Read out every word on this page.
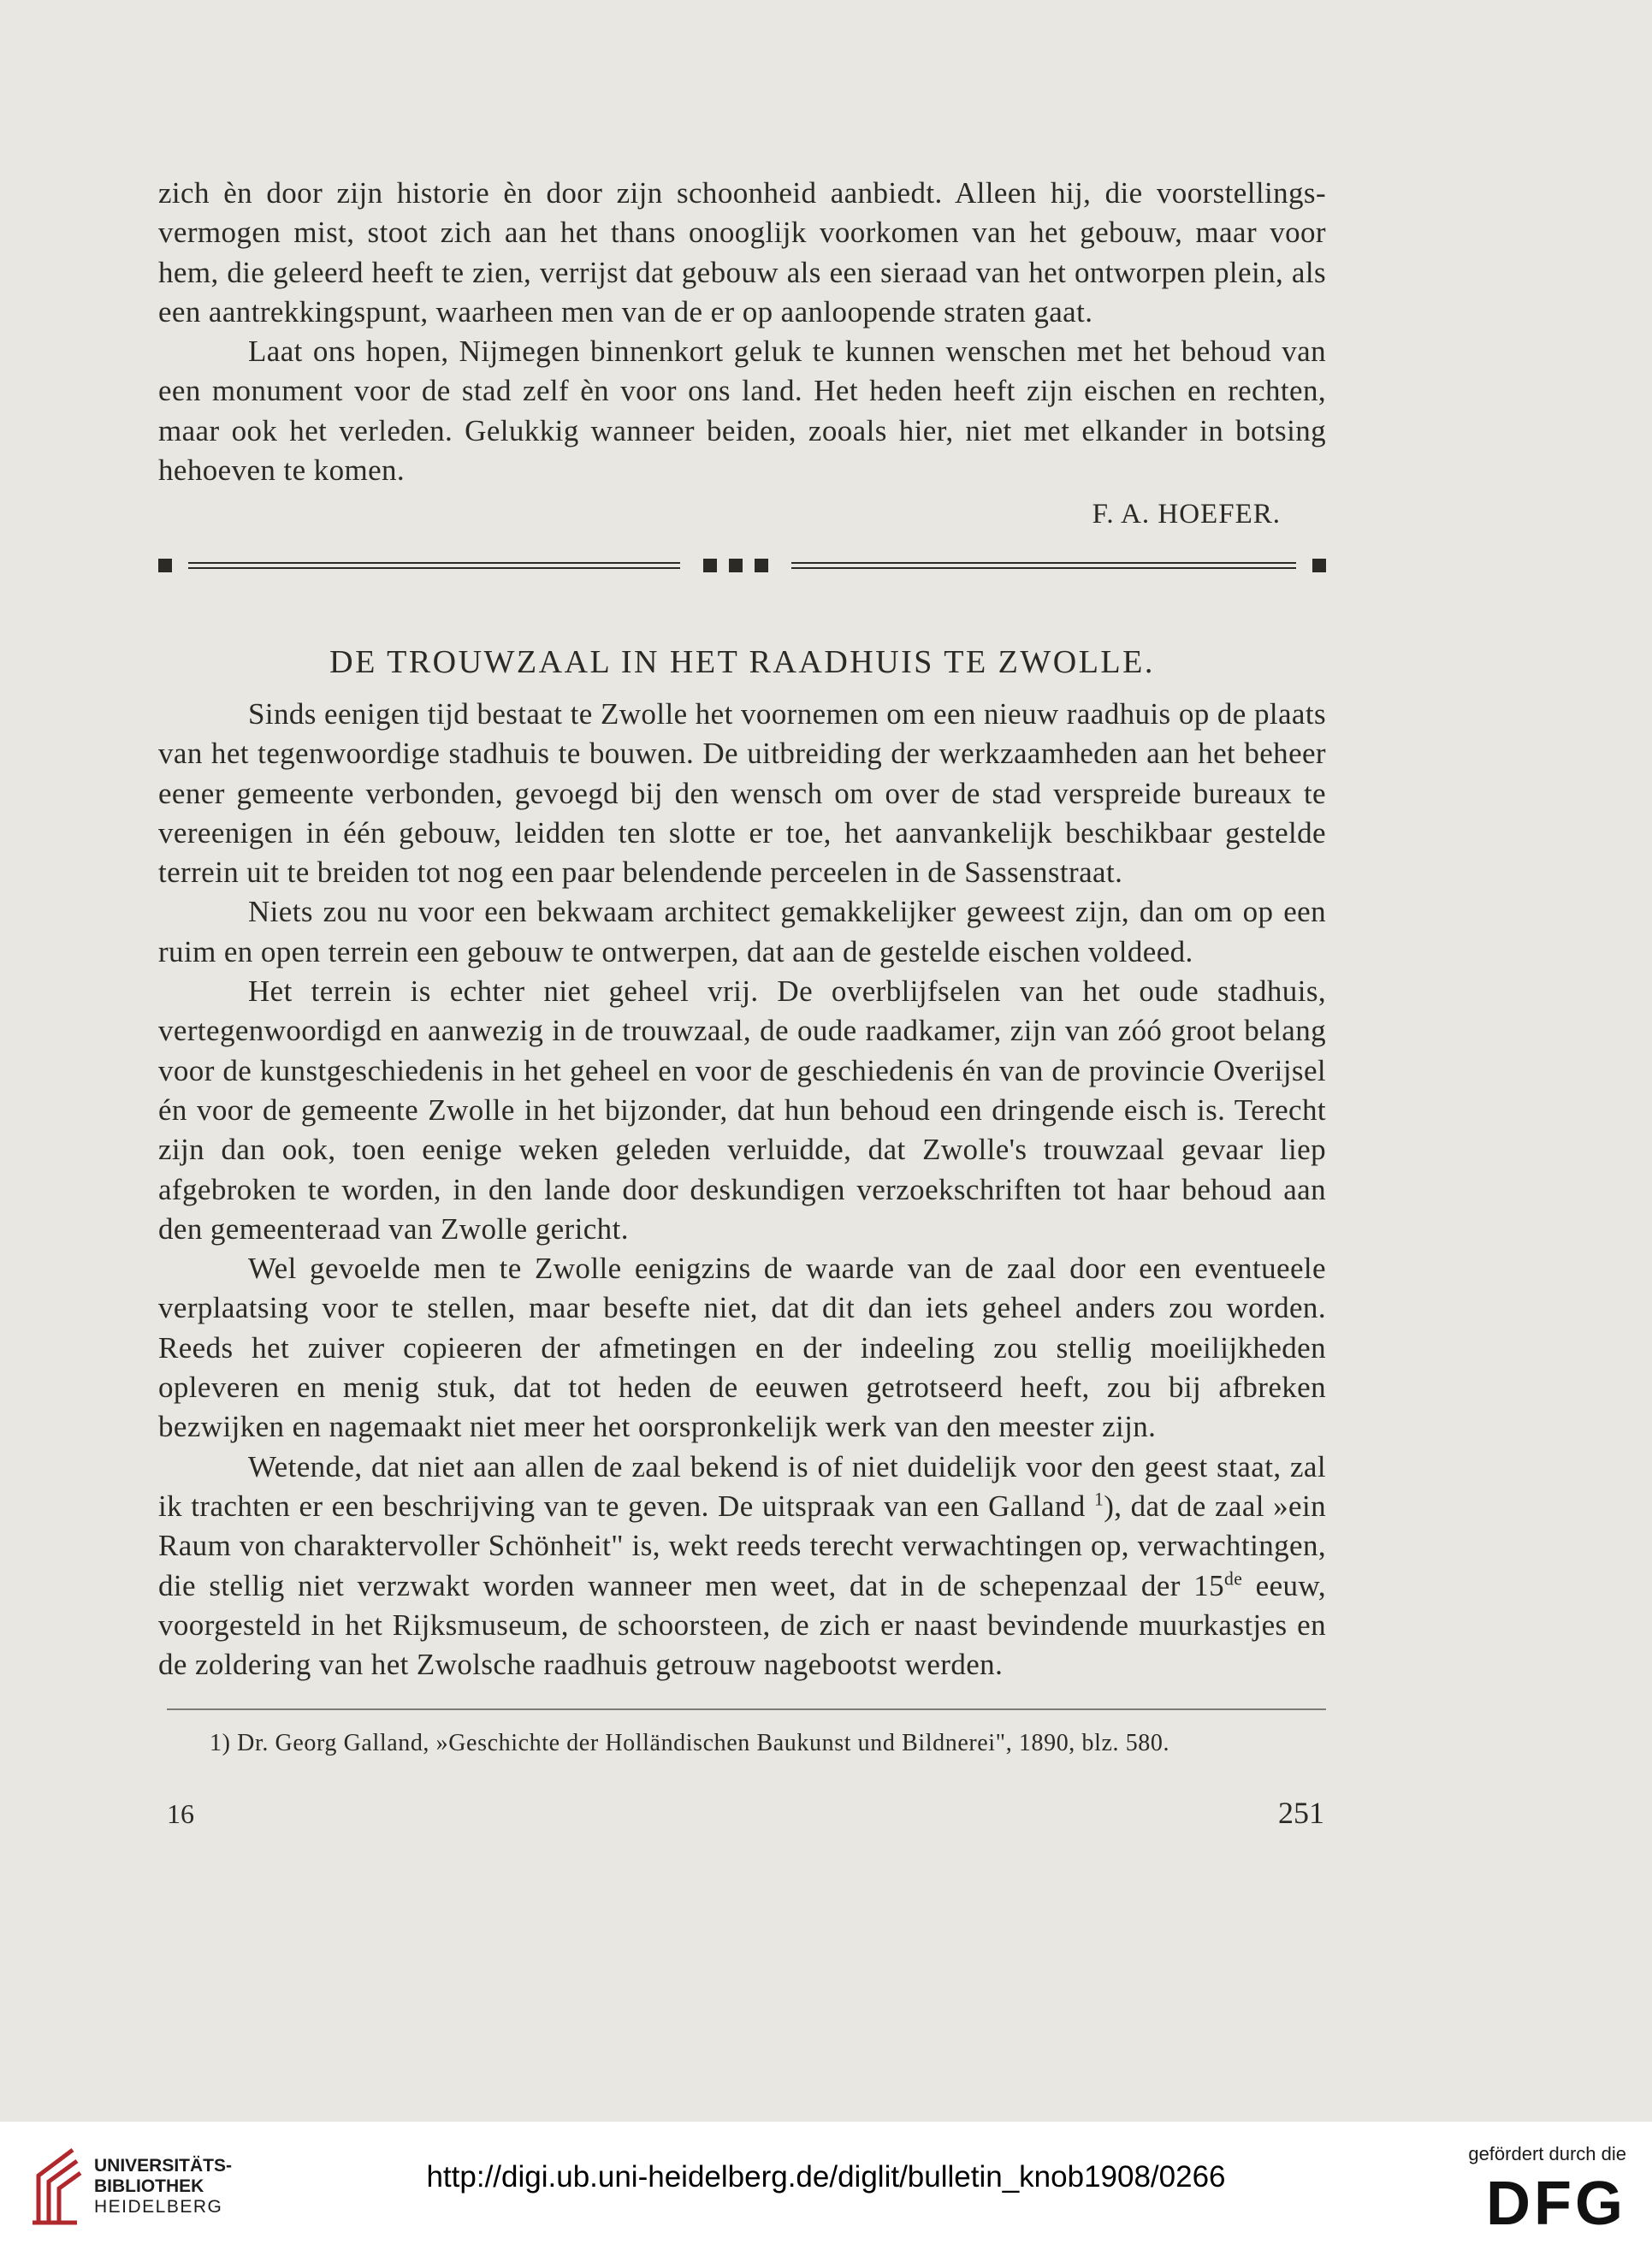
zich èn door zijn historie èn door zijn schoonheid aanbiedt. Alleen hij, die voorstellings-vermogen mist, stoot zich aan het thans onooglijk voorkomen van het gebouw, maar voor hem, die geleerd heeft te zien, verrijst dat gebouw als een sieraad van het ontworpen plein, als een aantrekkingspunt, waarheen men van de er op aanloopende straten gaat.

Laat ons hopen, Nijmegen binnenkort geluk te kunnen wenschen met het behoud van een monument voor de stad zelf èn voor ons land. Het heden heeft zijn eischen en rechten, maar ook het verleden. Gelukkig wanneer beiden, zooals hier, niet met elkander in botsing hehoeven te komen.

F. A. HOEFER.
DE TROUWZAAL IN HET RAADHUIS TE ZWOLLE.

Sinds eenigen tijd bestaat te Zwolle het voornemen om een nieuw raadhuis op de plaats van het tegenwoordige stadhuis te bouwen. De uitbreiding der werkzaamheden aan het beheer eener gemeente verbonden, gevoegd bij den wensch om over de stad verspreide bureaux te vereenigen in één gebouw, leidden ten slotte er toe, het aanvankelijk beschikbaar gestelde terrein uit te breiden tot nog een paar belendende perceelen in de Sassenstraat.

Niets zou nu voor een bekwaam architect gemakkelijker geweest zijn, dan om op een ruim en open terrein een gebouw te ontwerpen, dat aan de gestelde eischen voldeed.

Het terrein is echter niet geheel vrij. De overblijfselen van het oude stadhuis, vertegenwoordigd en aanwezig in de trouwzaal, de oude raadkamer, zijn van zóó groot belang voor de kunstgeschiedenis in het geheel en voor de geschiedenis én van de provincie Overijsel én voor de gemeente Zwolle in het bijzonder, dat hun behoud een dringende eisch is. Terecht zijn dan ook, toen eenige weken geleden verluidde, dat Zwolle's trouwzaal gevaar liep afgebroken te worden, in den lande door deskundigen verzoekschriften tot haar behoud aan den gemeenteraad van Zwolle gericht.

Wel gevoelde men te Zwolle eenigzins de waarde van de zaal door een eventueele verplaatsing voor te stellen, maar besefte niet, dat dit dan iets geheel anders zou worden. Reeds het zuiver copieeren der afmetingen en der indeeling zou stellig moeilijkheden opleveren en menig stuk, dat tot heden de eeuwen getrotseerd heeft, zou bij afbreken bezwijken en nagemaakt niet meer het oorspronkelijk werk van den meester zijn.

Wetende, dat niet aan allen de zaal bekend is of niet duidelijk voor den geest staat, zal ik trachten er een beschrijving van te geven. De uitspraak van een Galland $^1$), dat de zaal »ein Raum von charaktervoller Schönheit" is, wekt reeds terecht verwachtingen op, verwachtingen, die stellig niet verzwakt worden wanneer men weet, dat in de schepenzaal der 15de eeuw, voorgesteld in het Rijksmuseum, de schoorsteen, de zich er naast bevindende muurkastjes en de zoldering van het Zwolsche raadhuis getrouw nagebootst werden.

1) Dr. Georg Galland, »Geschichte der Holländischen Baukunst und Bildnerei", 1890, blz. 580.
16	251
UNIVERSITÄTS-
BIBLIOTHEK
HEIDELBERG
http://digi.ub.uni-heidelberg.de/diglit/bulletin_knob1908/0266
gefördert durch die
DFG
